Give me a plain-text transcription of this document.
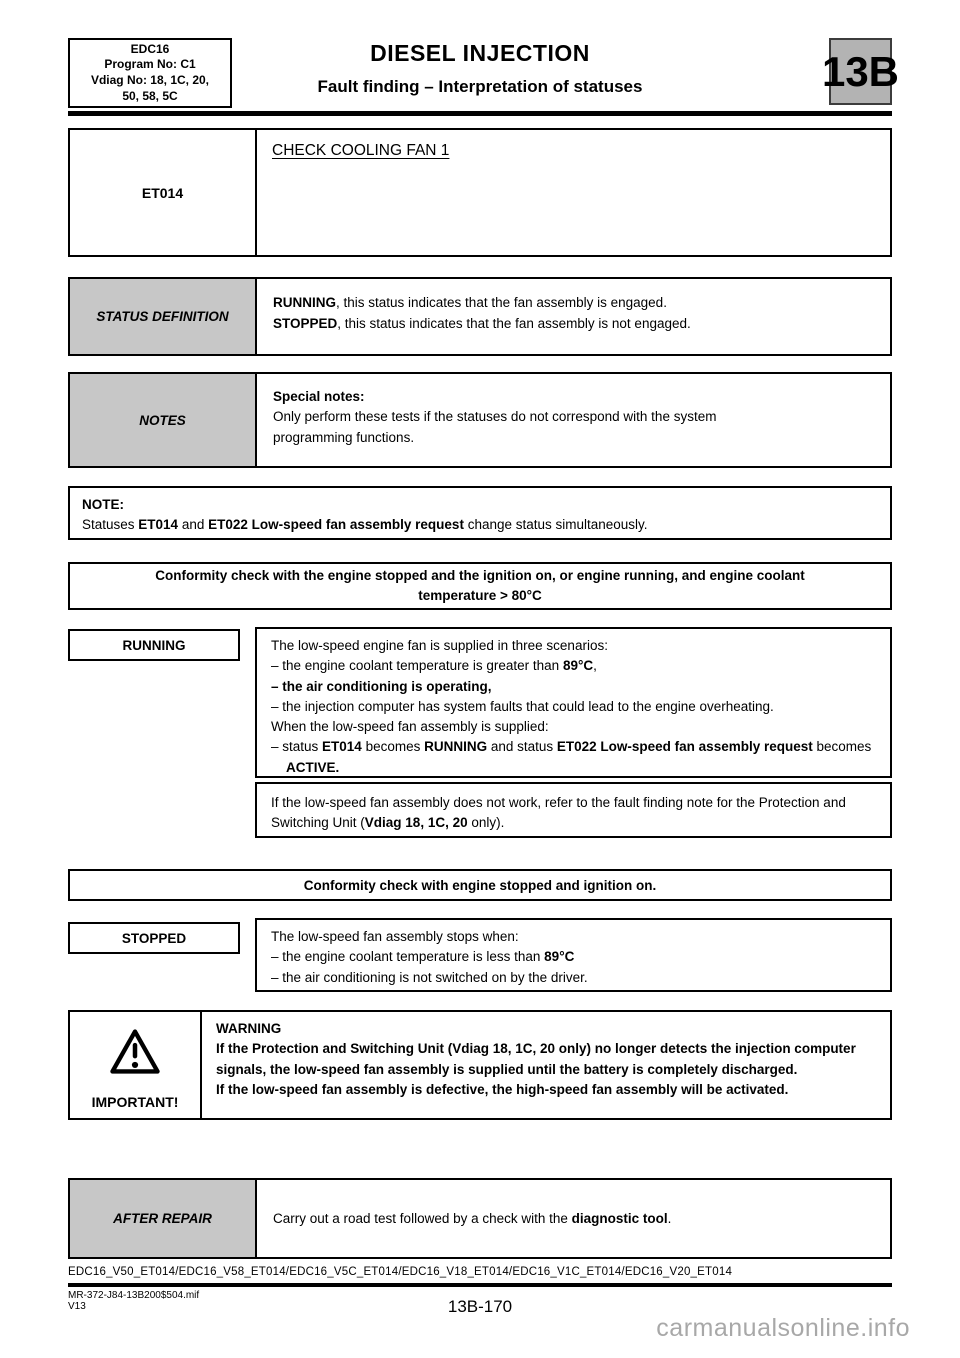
EDC16
Program No: C1
Vdiag No: 18, 1C, 20,
50, 58, 5C
DIESEL INJECTION
Fault finding – Interpretation of statuses	13B
ET014
CHECK COOLING FAN 1
STATUS DEFINITION
RUNNING, this status indicates that the fan assembly is engaged.
STOPPED, this status indicates that the fan assembly is not engaged.
NOTES
Special notes:
Only perform these tests if the statuses do not correspond with the system programming functions.
NOTE:
Statuses ET014 and ET022 Low-speed fan assembly request change status simultaneously.
Conformity check with the engine stopped and the ignition on, or engine running, and engine coolant temperature > 80°C
RUNNING	The low-speed engine fan is supplied in three scenarios:
– the engine coolant temperature is greater than 89°C,
– the air conditioning is operating,
– the injection computer has system faults that could lead to the engine overheating.
When the low-speed fan assembly is supplied:
– status ET014 becomes RUNNING and status ET022 Low-speed fan assembly request becomes ACTIVE.
If the low-speed fan assembly does not work, refer to the fault finding note for the Protection and Switching Unit (Vdiag 18, 1C, 20 only).
Conformity check with engine stopped and ignition on.
STOPPED	The low-speed fan assembly stops when:
– the engine coolant temperature is less than 89°C
– the air conditioning is not switched on by the driver.
IMPORTANT!
WARNING
If the Protection and Switching Unit (Vdiag 18, 1C, 20 only) no longer detects the injection computer signals, the low-speed fan assembly is supplied until the battery is completely discharged.
If the low-speed fan assembly is defective, the high-speed fan assembly will be activated.
AFTER REPAIR	Carry out a road test followed by a check with the diagnostic tool.
EDC16_V50_ET014/EDC16_V58_ET014/EDC16_V5C_ET014/EDC16_V18_ET014/EDC16_V1C_ET014/EDC16_V20_ET014
MR-372-J84-13B200$504.mif
V13	13B-170
carmanualsonline.info
